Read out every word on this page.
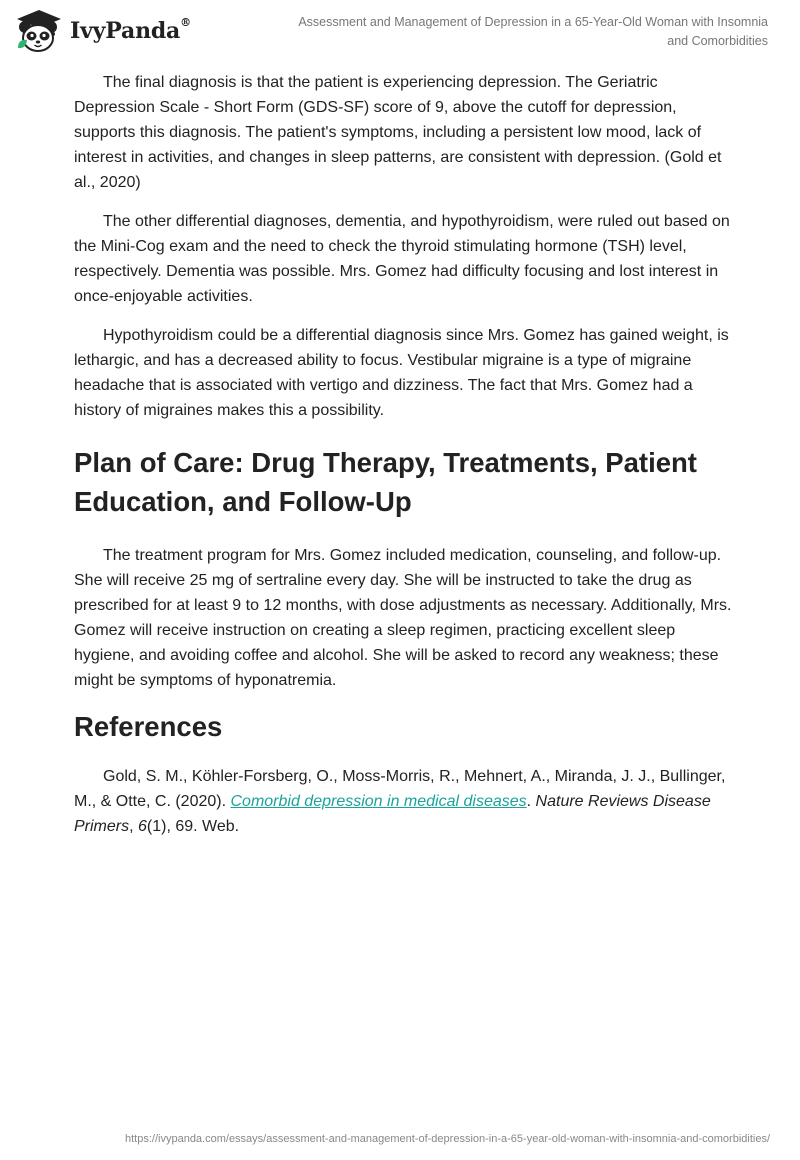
IvyPanda®	Assessment and Management of Depression in a 65-Year-Old Woman with Insomnia and Comorbidities

The final diagnosis is that the patient is experiencing depression. The Geriatric Depression Scale - Short Form (GDS-SF) score of 9, above the cutoff for depression, supports this diagnosis. The patient's symptoms, including a persistent low mood, lack of interest in activities, and changes in sleep patterns, are consistent with depression. (Gold et al., 2020)

The other differential diagnoses, dementia, and hypothyroidism, were ruled out based on the Mini-Cog exam and the need to check the thyroid stimulating hormone (TSH) level, respectively. Dementia was possible. Mrs. Gomez had difficulty focusing and lost interest in once-enjoyable activities.

Hypothyroidism could be a differential diagnosis since Mrs. Gomez has gained weight, is lethargic, and has a decreased ability to focus. Vestibular migraine is a type of migraine headache that is associated with vertigo and dizziness. The fact that Mrs. Gomez had a history of migraines makes this a possibility.

Plan of Care: Drug Therapy, Treatments, Patient Education, and Follow-Up

The treatment program for Mrs. Gomez included medication, counseling, and follow-up. She will receive 25 mg of sertraline every day. She will be instructed to take the drug as prescribed for at least 9 to 12 months, with dose adjustments as necessary. Additionally, Mrs. Gomez will receive instruction on creating a sleep regimen, practicing excellent sleep hygiene, and avoiding coffee and alcohol. She will be asked to record any weakness; these might be symptoms of hyponatremia.

References

Gold, S. M., Köhler-Forsberg, O., Moss-Morris, R., Mehnert, A., Miranda, J. J., Bullinger, M., & Otte, C. (2020). Comorbid depression in medical diseases. Nature Reviews Disease Primers, 6(1), 69. Web.

https://ivypanda.com/essays/assessment-and-management-of-depression-in-a-65-year-old-woman-with-insomnia-and-comorbidities/
